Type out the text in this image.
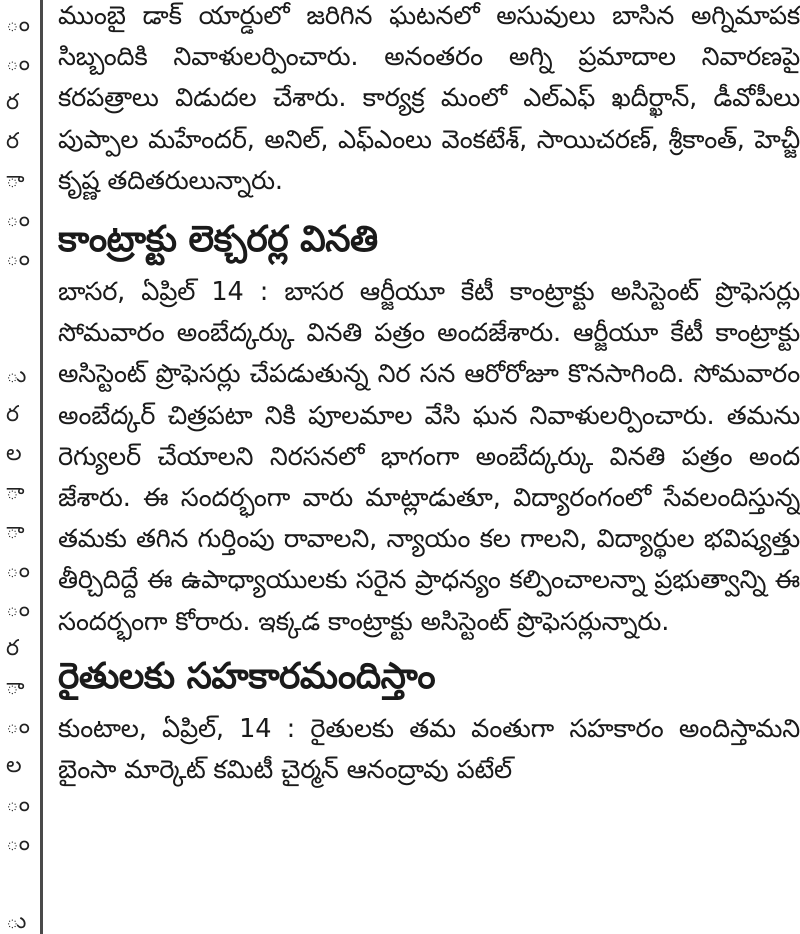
ం
ం
ర
ర
ా
ం
ం
ు
ర
ల
ా
ా
ం
ం
ర
ా
ం
ల
ం
ం
ు

ముంబై డాక్ యార్డులో జరిగిన ఘటనలో అసువులు బాసిన అగ్నిమాపక సిబ్బందికి నివాళులర్పించారు. అనంతరం అగ్ని ప్రమాదాల నివారణపై కరపత్రాలు విడుదల చేశారు. కార్యక్ర మంలో ఎల్ఎఫ్ ఖదీర్ఖాన్, డీవోపీలు పుప్పాల మహేందర్, అనిల్, ఎఫ్ఎంలు వెంకటేశ్, సాయిచరణ్, శ్రీకాంత్, హెచ్జీ కృష్ణ తదితరులున్నారు.

కాంట్రాక్టు లెక్చరర్ల వినతి

బాసర, ఏప్రిల్ 14 : బాసర ఆర్జీయూ కేటీ కాంట్రాక్టు అసిస్టెంట్ ప్రొఫెసర్లు సోమవారం అంబేద్కర్కు వినతి పత్రం అందజేశారు. ఆర్జీయూ కేటీ కాంట్రాక్టు అసిస్టెంట్ ప్రొఫెసర్లు చేపడుతున్న నిర సన ఆరోరోజూ కొనసాగింది. సోమవారం అంబేద్కర్ చిత్రపటా నికి పూలమాల వేసి ఘన నివాళులర్పించారు. తమను రెగ్యులర్ చేయాలని నిరసనలో భాగంగా అంబేద్కర్కు వినతి పత్రం అంద జేశారు. ఈ సందర్భంగా వారు మాట్లాడుతూ, విద్యారంగంలో సేవలందిస్తున్న తమకు తగిన గుర్తింపు రావాలని, న్యాయం కల గాలని, విద్యార్థుల భవిష్యత్తు తీర్చిదిద్దే ఈ ఉపాధ్యాయులకు సరైన ప్రాధన్యం కల్పించాలన్నా ప్రభుత్వాన్ని ఈ సందర్భంగా కోరారు. ఇక్కడ కాంట్రాక్టు అసిస్టెంట్ ప్రొఫెసర్లున్నారు.

రైతులకు సహకారమందిస్తాం

కుంటాల, ఏప్రిల్, 14 : రైతులకు తమ వంతుగా సహకారం అందిస్తామని బైంసా మార్కెట్ కమిటీ చైర్మన్ ఆనంద్రావు పటేల్
